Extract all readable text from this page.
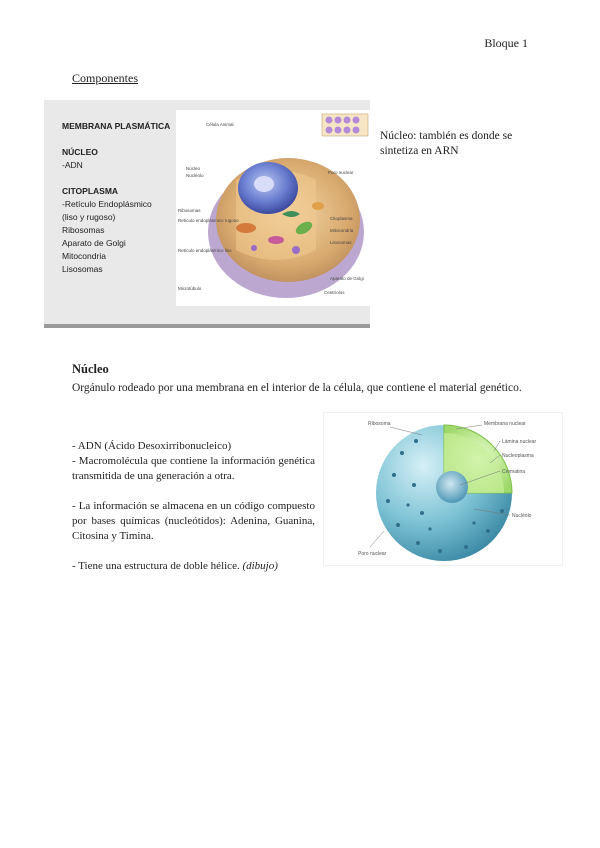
Bloque 1
Componentes
MEMBRANA PLASMÁTICA

NÚCLEO
-ADN

CITOPLASMA
-Retículo Endoplásmico
(liso y rugoso)
Ribosomas
Aparato de Golgi
Mitocondria
Lisosomas
Célula Animal
Núcleo
Nucléolo
Ribosomas
Retículo endoplásmico rugoso
Retículo endoplásmico liso
Microtúbulo
Poro nuclear
Citoplasma
Mitocondria
Lisosomas
Aparato de Golgi
Centríolos
Núcleo: también es donde se sintetiza en ARN
Núcleo
Orgánulo rodeado por una membrana en el interior de la célula, que contiene el material genético.

- ADN (Ácido Desoxirribonucleico)

- Macromolécula que contiene la información genética transmitida de una generación a otra.

- La información se almacena en un código compuesto por bases químicas (nucleótidos): Adenina, Guanina, Citosina y Timina.

- Tiene una estructura de doble hélice. (dibujo)

Ribosoma	Membrana nuclear
Lámina nuclear
Nucleoplasma
Cromatina
Nucléolo
Poro nuclear
